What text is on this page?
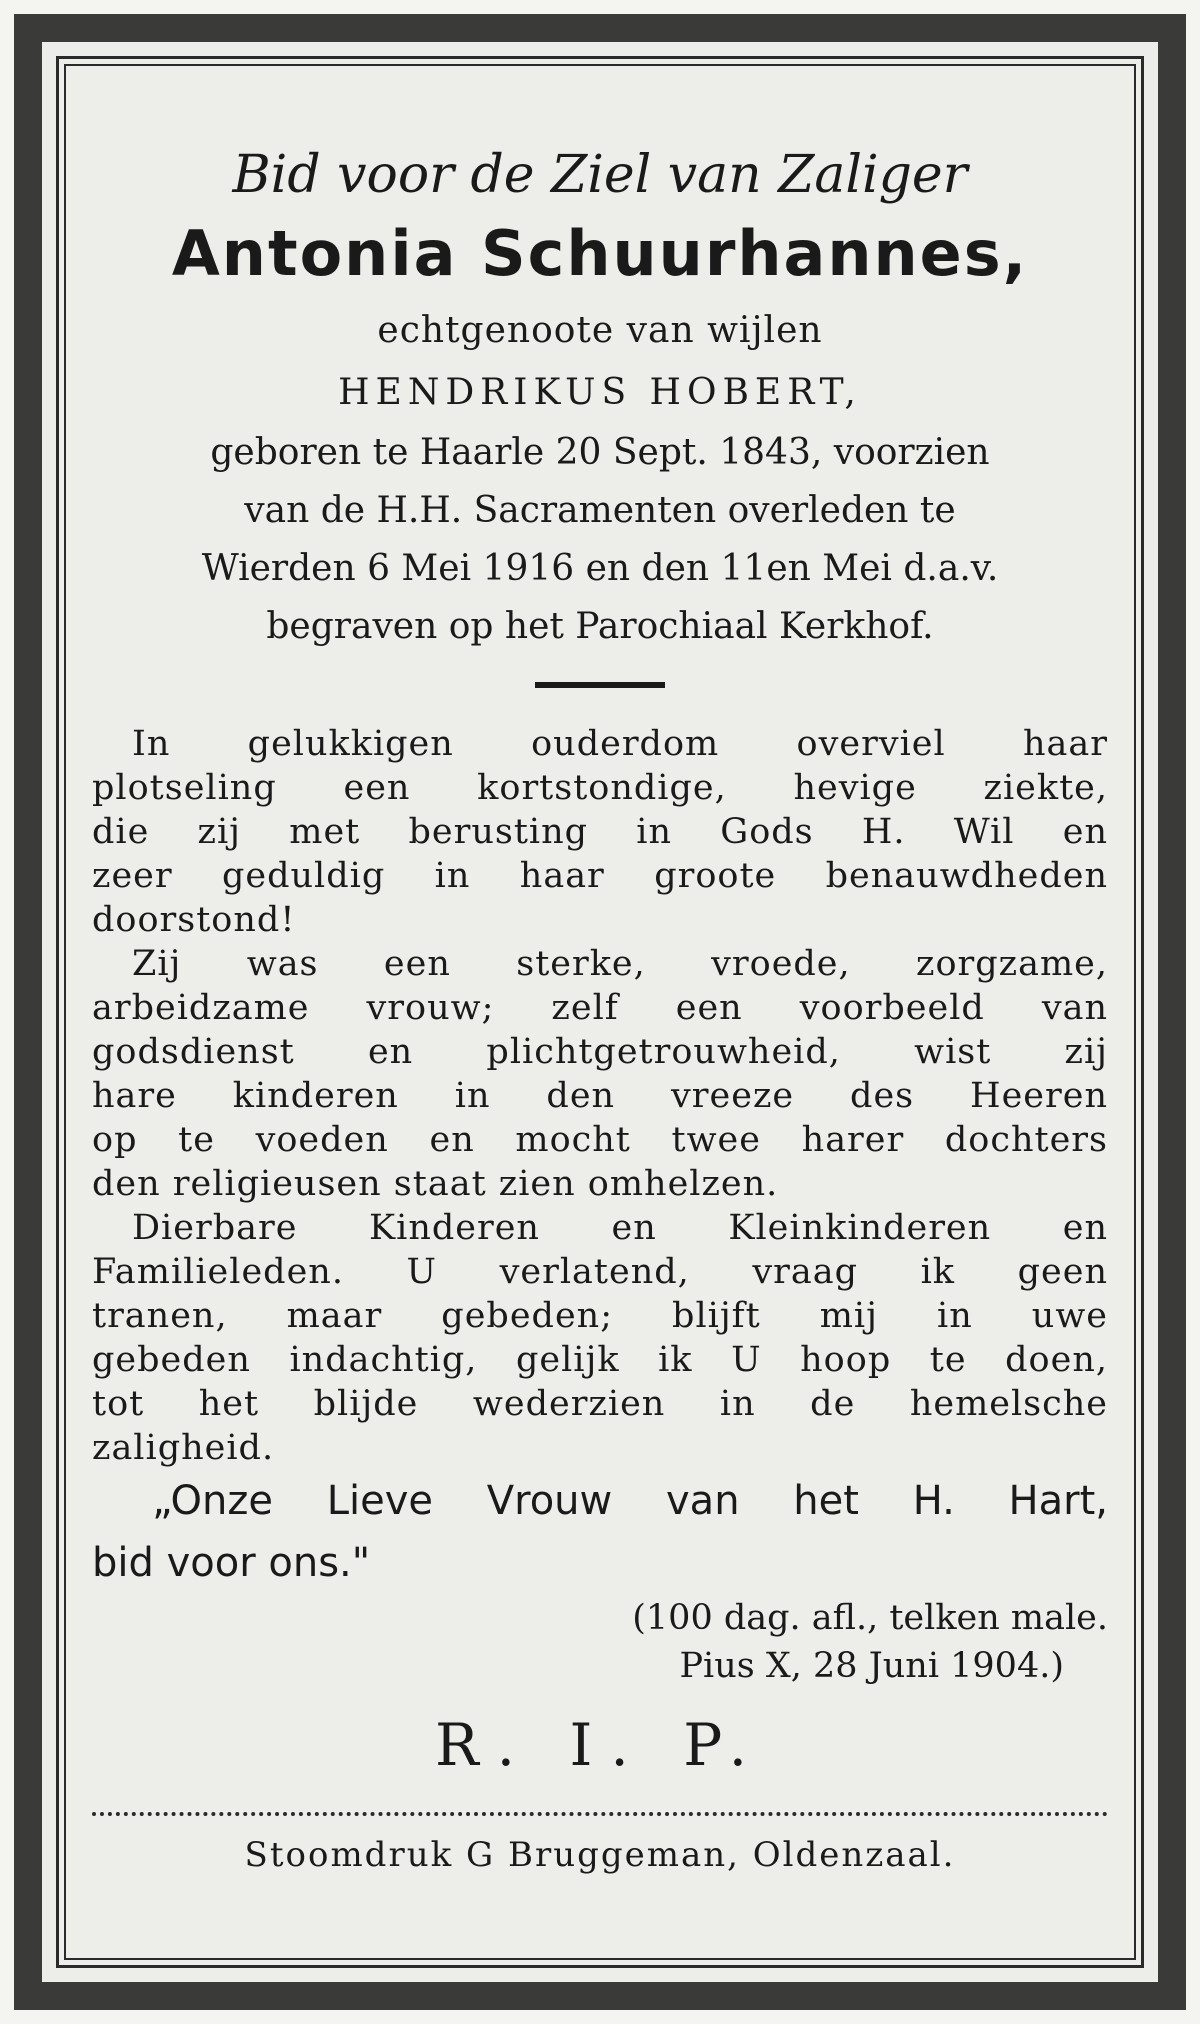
Bid voor de Ziel van Zaliger

Antonia Schuurhannes,

echtgenoote van wijlen

HENDRIKUS HOBERT,

geboren te Haarle 20 Sept. 1843, voorzien

van de H.H. Sacramenten overleden te

Wierden 6 Mei 1916 en den 11en Mei d.a.v.

begraven op het Parochiaal Kerkhof.

In gelukkigen ouderdom overviel haar

plotseling een kortstondige, hevige ziekte,

die zij met berusting in Gods H. Wil en

zeer geduldig in haar groote benauwdheden

doorstond!

Zij was een sterke, vroede, zorgzame,

arbeidzame vrouw; zelf een voorbeeld van

godsdienst en plichtgetrouwheid, wist zij

hare kinderen in den vreeze des Heeren

op te voeden en mocht twee harer dochters

den religieusen staat zien omhelzen.

Dierbare Kinderen en Kleinkinderen en

Familieleden. U verlatend, vraag ik geen

tranen, maar gebeden; blijft mij in uwe

gebeden indachtig, gelijk ik U hoop te doen,

tot het blijde wederzien in de hemelsche

zaligheid.

„Onze Lieve Vrouw van het H. Hart,

bid voor ons."

(100 dag. afl., telken male.

Pius X, 28 Juni 1904.)

R. I. P.

Stoomdruk G Bruggeman, Oldenzaal.
